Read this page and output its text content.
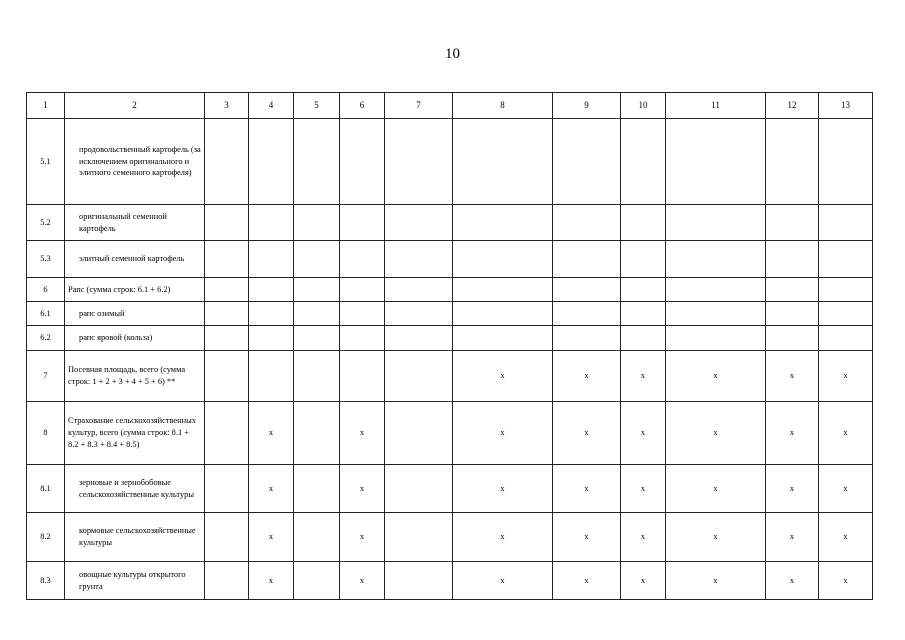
10
1	2	3	4	5	6	7	8	9	10	11	12	13
5.1	продовольственный картофель (за исключением оригинального и элитного семенного картофеля)											
5.2	оригинальный семенной картофель											
5.3	элитный семенной картофель											
6	Рапс (сумма строк: 6.1 + 6.2)											
6.1	рапс озимый											
6.2	рапс яровой (кольза)											
7	Посевная площадь, всего (сумма строк: 1 + 2 + 3 + 4 + 5 + 6) **						x	x	x	x	x	x
8	Страхование сельскохозяйственных культур, всего (сумма строк: 8.1 + 8.2 + 8.3 + 8.4 + 8.5)		x		x		x	x	x	x	x	x
8.1	зерновые и зернобобовые сельскохозяйственные культуры		x		x		x	x	x	x	x	x
8.2	кормовые сельскохозяйственные культуры		x		x		x	x	x	x	x	x
8.3	овощные культуры открытого грунта		x		x		x	x	x	x	x	x
